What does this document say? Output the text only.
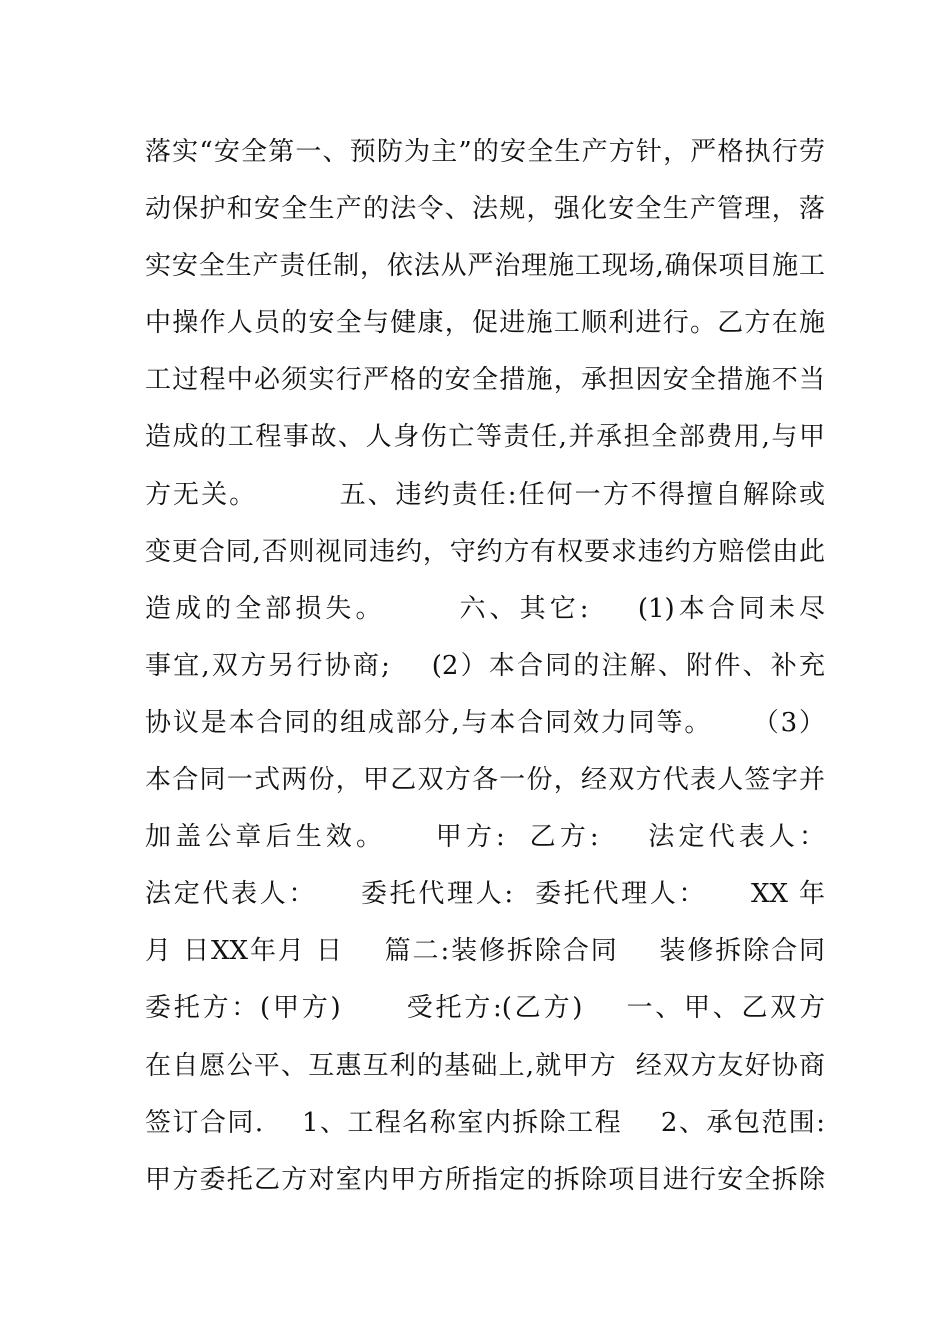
落实“安全第一、预防为主”的安全生产方针，严格执行劳
动保护和安全生产的法令、法规，强化安全生产管理，落
实安全生产责任制，依法从严治理施工现场,确保项目施工
中操作人员的安全与健康，促进施工顺利进行。乙方在施
工过程中必须实行严格的安全措施，承担因安全措施不当
造成的工程事故、人身伤亡等责任,并承担全部费用,与甲
方无关。        五、违约责任:任何一方不得擅自解除或
变更合同,否则视同违约，守约方有权要求违约方赔偿由此
造成的全部损失。      六、其它:    (1)本合同未尽
事宜,双方另行协商;    (2）本合同的注解、附件、补充
协议是本合同的组成部分,与本合同效力同等。    （3）
本合同一式两份，甲乙双方各一份，经双方代表人签字并
加盖公章后生效。    甲方:  乙方:    法定代表人：
法定代表人：    委托代理人:  委托代理人：    XX 年
月 日XX年月 日    篇二:装修拆除合同    装修拆除合同
委托方：(甲方)      受托方:(乙方)    一、甲、乙双方
在自愿公平、互惠互利的基础上,就甲方  经双方友好协商
签订合同.    1、工程名称室内拆除工程    2、承包范围:
甲方委托乙方对室内甲方所指定的拆除项目进行安全拆除
